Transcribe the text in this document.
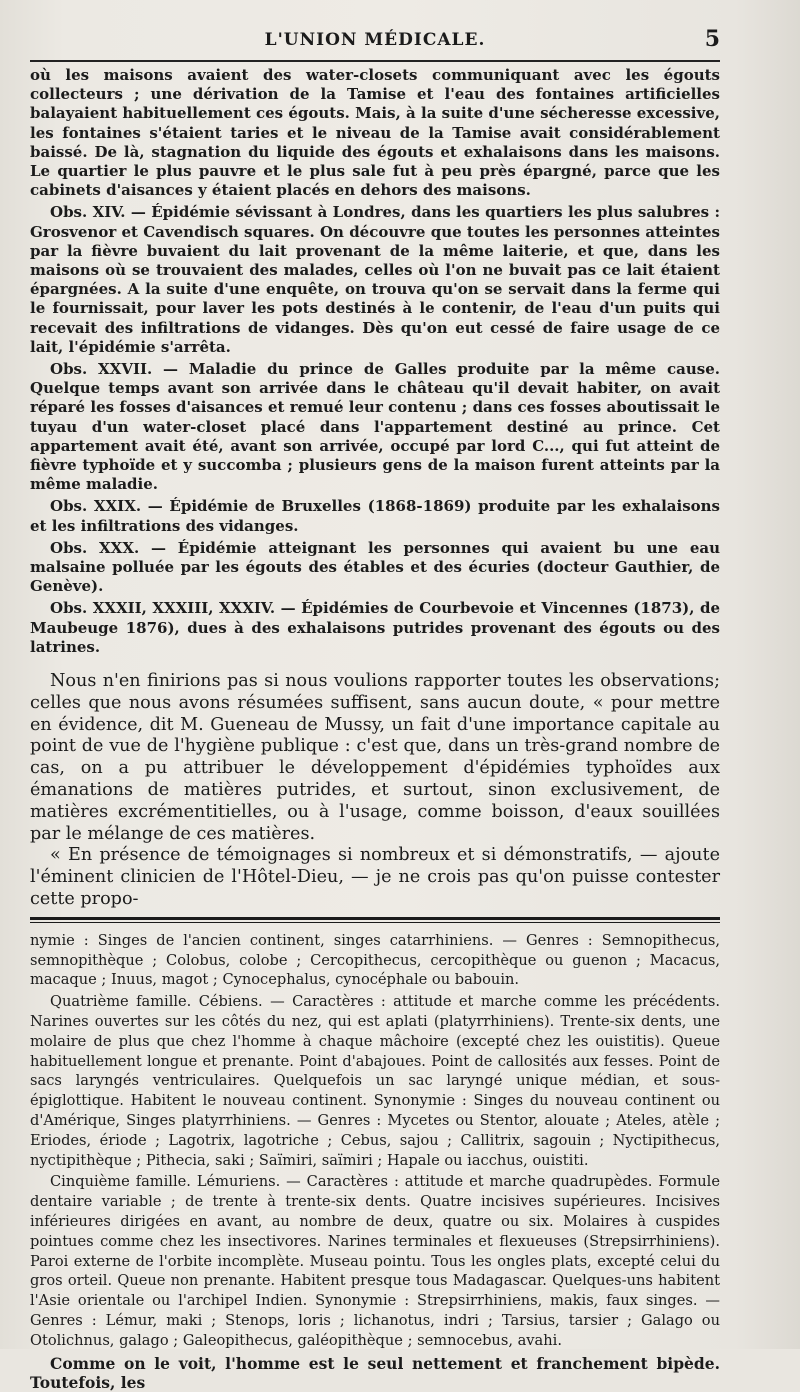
L'UNION MÉDICALE.	5

où les maisons avaient des water-closets communiquant avec les égouts collecteurs ; une dérivation de la Tamise et l'eau des fontaines artificielles balayaient habituellement ces égouts. Mais, à la suite d'une sécheresse excessive, les fontaines s'étaient taries et le niveau de la Tamise avait considérablement baissé. De là, stagnation du liquide des égouts et exhalaisons dans les maisons. Le quartier le plus pauvre et le plus sale fut à peu près épargné, parce que les cabinets d'aisances y étaient placés en dehors des maisons.

Obs. XIV. — Épidémie sévissant à Londres, dans les quartiers les plus salubres : Grosvenor et Cavendisch squares. On découvre que toutes les personnes atteintes par la fièvre buvaient du lait provenant de la même laiterie, et que, dans les maisons où se trouvaient des malades, celles où l'on ne buvait pas ce lait étaient épargnées. A la suite d'une enquête, on trouva qu'on se servait dans la ferme qui le fournissait, pour laver les pots destinés à le contenir, de l'eau d'un puits qui recevait des infiltrations de vidanges. Dès qu'on eut cessé de faire usage de ce lait, l'épidémie s'arrêta.

Obs. XXVII. — Maladie du prince de Galles produite par la même cause. Quelque temps avant son arrivée dans le château qu'il devait habiter, on avait réparé les fosses d'aisances et remué leur contenu ; dans ces fosses aboutissait le tuyau d'un water-closet placé dans l'appartement destiné au prince. Cet appartement avait été, avant son arrivée, occupé par lord C..., qui fut atteint de fièvre typhoïde et y succomba ; plusieurs gens de la maison furent atteints par la même maladie.

Obs. XXIX. — Épidémie de Bruxelles (1868-1869) produite par les exhalaisons et les infiltrations des vidanges.

Obs. XXX. — Épidémie atteignant les personnes qui avaient bu une eau malsaine polluée par les égouts des étables et des écuries (docteur Gauthier, de Genève).

Obs. XXXII, XXXIII, XXXIV. — Épidémies de Courbevoie et Vincennes (1873), de Maubeuge 1876), dues à des exhalaisons putrides provenant des égouts ou des latrines.

Nous n'en finirions pas si nous voulions rapporter toutes les observations; celles que nous avons résumées suffisent, sans aucun doute, « pour mettre en évidence, dit M. Gueneau de Mussy, un fait d'une importance capitale au point de vue de l'hygiène publique : c'est que, dans un très-grand nombre de cas, on a pu attribuer le développement d'épidémies typhoïdes aux émanations de matières putrides, et surtout, sinon exclusivement, de matières excrémentitielles, ou à l'usage, comme boisson, d'eaux souillées par le mélange de ces matières.

« En présence de témoignages si nombreux et si démonstratifs, — ajoute l'éminent clinicien de l'Hôtel-Dieu, — je ne crois pas qu'on puisse contester cette propo-

nymie : Singes de l'ancien continent, singes catarrhiniens. — Genres : Semnopithecus, semnopithèque ; Colobus, colobe ; Cercopithecus, cercopithèque ou guenon ; Macacus, macaque ; Inuus, magot ; Cynocephalus, cynocéphale ou babouin.

Quatrième famille. Cébiens. — Caractères : attitude et marche comme les précédents. Narines ouvertes sur les côtés du nez, qui est aplati (platyrrhiniens). Trente-six dents, une molaire de plus que chez l'homme à chaque mâchoire (excepté chez les ouistitis). Queue habituellement longue et prenante. Point d'abajoues. Point de callosités aux fesses. Point de sacs laryngés ventriculaires. Quelquefois un sac laryngé unique médian, et sous-épiglottique. Habitent le nouveau continent. Synonymie : Singes du nouveau continent ou d'Amérique, Singes platyrrhiniens. — Genres : Mycetes ou Stentor, alouate ; Ateles, atèle ; Eriodes, ériode ; Lagotrix, lagotriche ; Cebus, sajou ; Callitrix, sagouin ; Nyctipithecus, nyctipithèque ; Pithecia, saki ; Saïmiri, saïmiri ; Hapale ou iacchus, ouistiti.

Cinquième famille. Lémuriens. — Caractères : attitude et marche quadrupèdes. Formule dentaire variable ; de trente à trente-six dents. Quatre incisives supérieures. Incisives inférieures dirigées en avant, au nombre de deux, quatre ou six. Molaires à cuspides pointues comme chez les insectivores. Narines terminales et flexueuses (Strepsirrhiniens). Paroi externe de l'orbite incomplète. Museau pointu. Tous les ongles plats, excepté celui du gros orteil. Queue non prenante. Habitent presque tous Madagascar. Quelques-uns habitent l'Asie orientale ou l'archipel Indien. Synonymie : Strepsirrhiniens, makis, faux singes. — Genres : Lémur, maki ; Stenops, loris ; lichanotus, indri ; Tarsius, tarsier ; Galago ou Otolichnus, galago ; Galeopithecus, galéopithèque ; semnocebus, avahi.

Comme on le voit, l'homme est le seul nettement et franchement bipède. Toutefois, les
